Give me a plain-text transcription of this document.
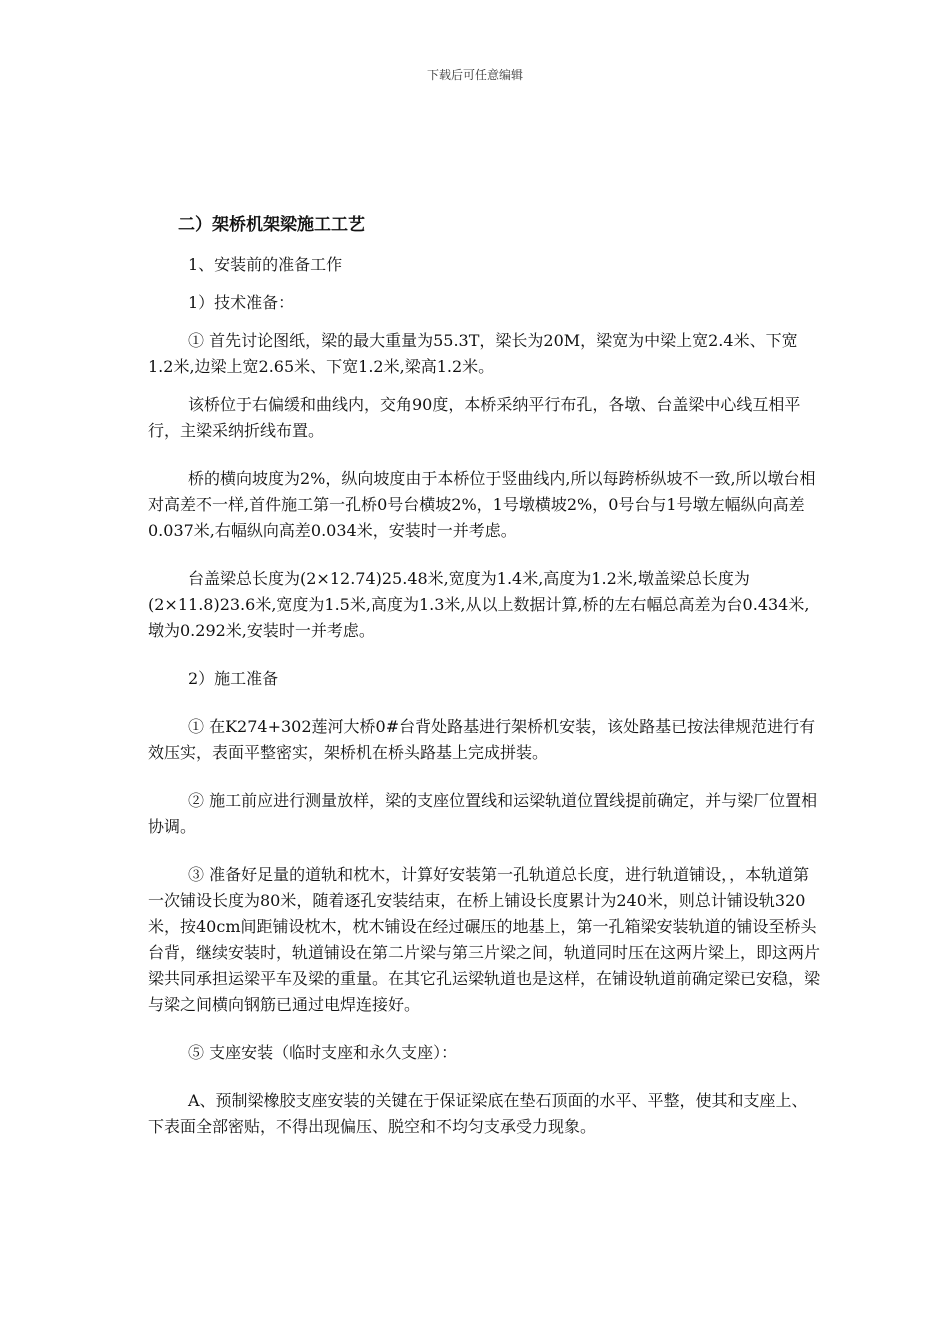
下载后可任意编辑
二）架桥机架梁施工工艺

1、安装前的准备工作

1）技术准备：

① 首先讨论图纸，梁的最大重量为55.3T，梁长为20M，梁宽为中梁上宽2.4米、下宽1.2米,边梁上宽2.65米、下宽1.2米,梁高1.2米。

该桥位于右偏缓和曲线内，交角90度，本桥采纳平行布孔，各墩、台盖梁中心线互相平行，主梁采纳折线布置。

桥的横向坡度为2%，纵向坡度由于本桥位于竖曲线内,所以每跨桥纵坡不一致,所以墩台相对高差不一样,首件施工第一孔桥0号台横坡2%，1号墩横坡2%，0号台与1号墩左幅纵向高差0.037米,右幅纵向高差0.034米，安装时一并考虑。

台盖梁总长度为(2×12.74)25.48米,宽度为1.4米,高度为1.2米,墩盖梁总长度为(2×11.8)23.6米,宽度为1.5米,高度为1.3米,从以上数据计算,桥的左右幅总高差为台0.434米,墩为0.292米,安装时一并考虑。

2）施工准备

① 在K274+302莲河大桥0#台背处路基进行架桥机安装，该处路基已按法律规范进行有效压实，表面平整密实，架桥机在桥头路基上完成拼装。

② 施工前应进行测量放样，梁的支座位置线和运梁轨道位置线提前确定，并与梁厂位置相协调。

③ 准备好足量的道轨和枕木，计算好安装第一孔轨道总长度，进行轨道铺设，，本轨道第一次铺设长度为80米，随着逐孔安装结束，在桥上铺设长度累计为240米，则总计铺设轨320米，按40cm间距铺设枕木，枕木铺设在经过碾压的地基上，第一孔箱梁安装轨道的铺设至桥头台背，继续安装时，轨道铺设在第二片梁与第三片梁之间，轨道同时压在这两片梁上，即这两片梁共同承担运梁平车及梁的重量。在其它孔运梁轨道也是这样，在铺设轨道前确定梁已安稳，梁与梁之间横向钢筋已通过电焊连接好。

⑤ 支座安装（临时支座和永久支座）：

A、预制梁橡胶支座安装的关键在于保证梁底在垫石顶面的水平、平整，使其和支座上、下表面全部密贴，不得出现偏压、脱空和不均匀支承受力现象。
